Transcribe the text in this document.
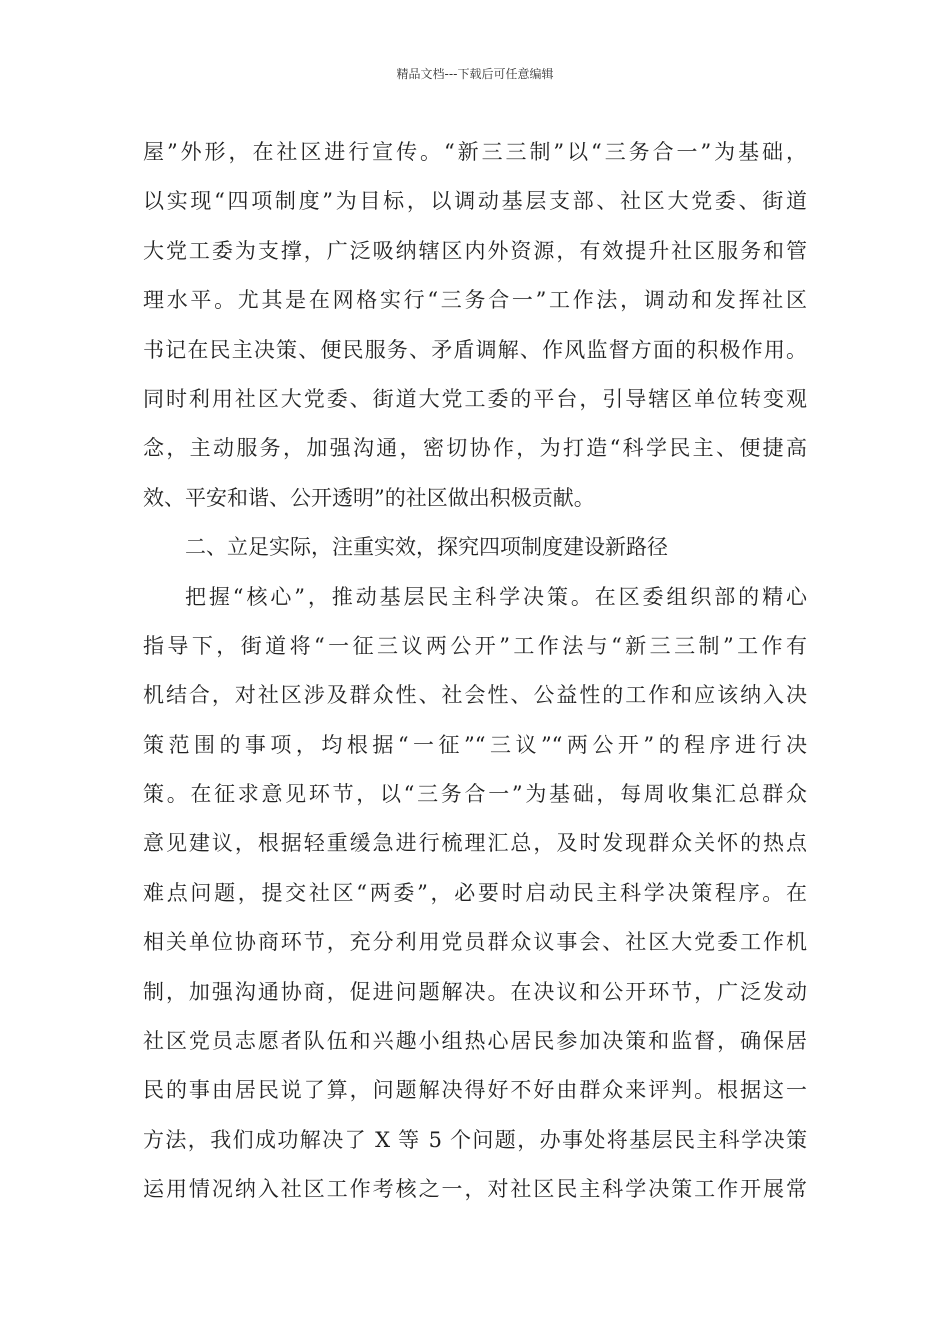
精品文档---下载后可任意编辑
屋”外形，在社区进行宣传。“新三三制”以“三务合一”为基础，
以实现“四项制度”为目标，以调动基层支部、社区大党委、街道
大党工委为支撑，广泛吸纳辖区内外资源，有效提升社区服务和管
理水平。尤其是在网格实行“三务合一”工作法，调动和发挥社区
书记在民主决策、便民服务、矛盾调解、作风监督方面的积极作用。
同时利用社区大党委、街道大党工委的平台，引导辖区单位转变观
念，主动服务，加强沟通，密切协作，为打造“科学民主、便捷高
效、平安和谐、公开透明”的社区做出积极贡献。
二、立足实际，注重实效，探究四项制度建设新路径
把握“核心”，推动基层民主科学决策。在区委组织部的精心
指导下，街道将“一征三议两公开”工作法与“新三三制”工作有
机结合，对社区涉及群众性、社会性、公益性的工作和应该纳入决
策范围的事项，均根据“一征”“三议”“两公开”的程序进行决
策。在征求意见环节，以“三务合一”为基础，每周收集汇总群众
意见建议，根据轻重缓急进行梳理汇总，及时发现群众关怀的热点
难点问题，提交社区“两委”，必要时启动民主科学决策程序。在
相关单位协商环节，充分利用党员群众议事会、社区大党委工作机
制，加强沟通协商，促进问题解决。在决议和公开环节，广泛发动
社区党员志愿者队伍和兴趣小组热心居民参加决策和监督，确保居
民的事由居民说了算，问题解决得好不好由群众来评判。根据这一
方法，我们成功解决了 X 等 5 个问题，办事处将基层民主科学决策
运用情况纳入社区工作考核之一，对社区民主科学决策工作开展常
